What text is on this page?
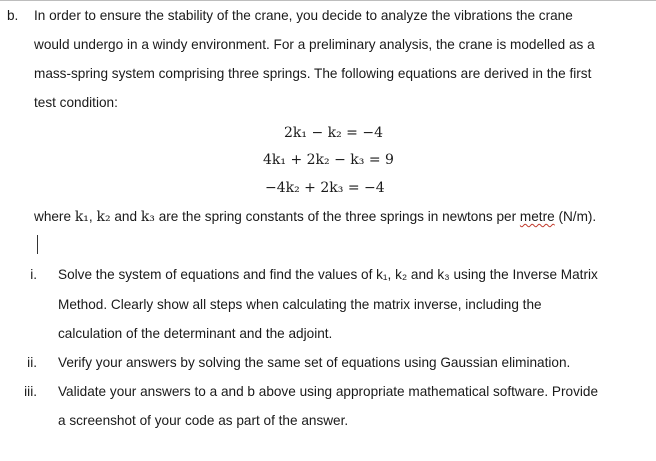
b. In order to ensure the stability of the crane, you decide to analyze the vibrations the crane
would undergo in a windy environment. For a preliminary analysis, the crane is modelled as a
mass-spring system comprising three springs. The following equations are derived in the first
test condition:
2k₁ − k₂ = −4
4k₁ + 2k₂ − k₃ = 9
−4k₂ + 2k₃ = −4
where k₁, k₂ and k₃ are the spring constants of the three springs in newtons per metre (N/m).
i. Solve the system of equations and find the values of k₁, k₂ and k₃ using the Inverse Matrix
Method. Clearly show all steps when calculating the matrix inverse, including the
calculation of the determinant and the adjoint.
ii. Verify your answers by solving the same set of equations using Gaussian elimination.
iii. Validate your answers to a and b above using appropriate mathematical software. Provide
a screenshot of your code as part of the answer.
